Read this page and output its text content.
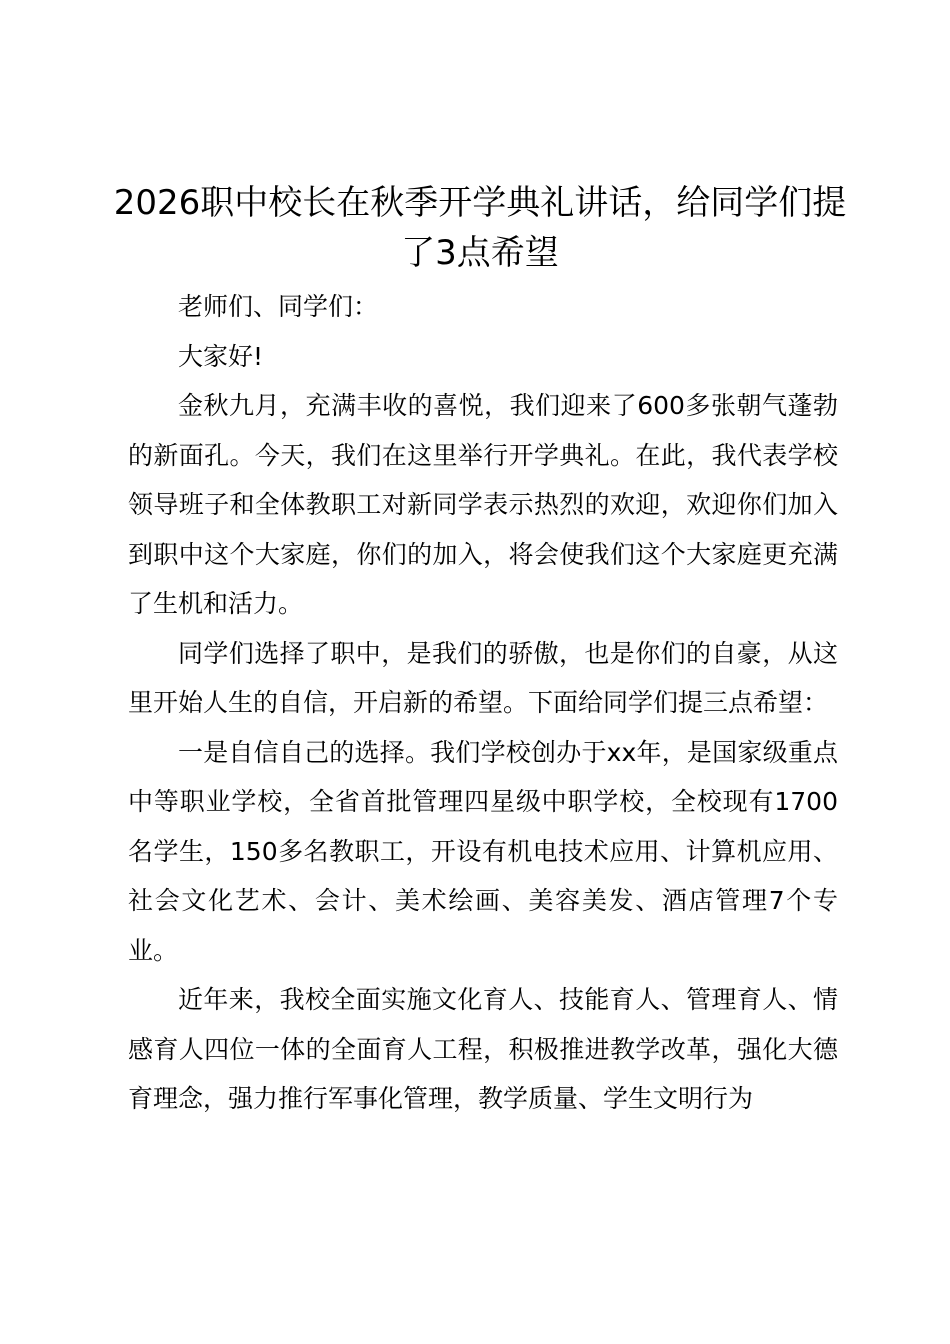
2026职中校长在秋季开学典礼讲话，给同学们提了3点希望

老师们、同学们：

大家好!

金秋九月，充满丰收的喜悦，我们迎来了600多张朝气蓬勃的新面孔。今天，我们在这里举行开学典礼。在此，我代表学校领导班子和全体教职工对新同学表示热烈的欢迎，欢迎你们加入到职中这个大家庭，你们的加入，将会使我们这个大家庭更充满了生机和活力。

同学们选择了职中，是我们的骄傲，也是你们的自豪，从这里开始人生的自信，开启新的希望。下面给同学们提三点希望：

一是自信自己的选择。我们学校创办于xx年，是国家级重点中等职业学校，全省首批管理四星级中职学校，全校现有1700名学生，150多名教职工，开设有机电技术应用、计算机应用、社会文化艺术、会计、美术绘画、美容美发、酒店管理7个专业。

近年来，我校全面实施文化育人、技能育人、管理育人、情感育人四位一体的全面育人工程，积极推进教学改革，强化大德育理念，强力推行军事化管理，教学质量、学生文明行为
